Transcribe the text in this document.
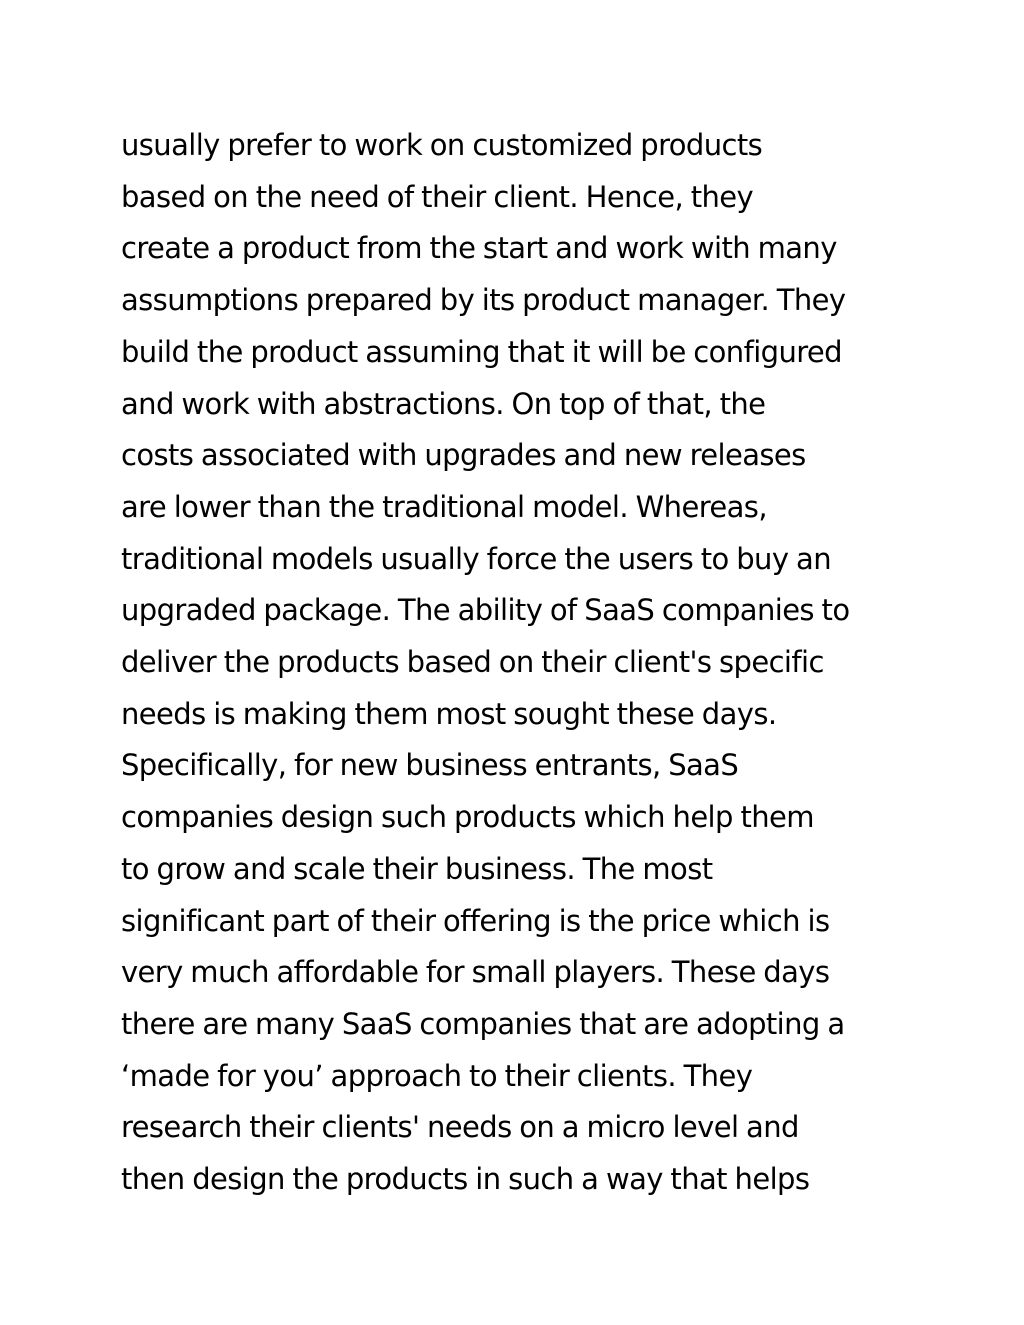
usually prefer to work on customized products
based on the need of their client. Hence, they
create a product from the start and work with many
assumptions prepared by its product manager. They
build the product assuming that it will be configured
and work with abstractions. On top of that, the
costs associated with upgrades and new releases
are lower than the traditional model. Whereas,
traditional models usually force the users to buy an
upgraded package. The ability of SaaS companies to
deliver the products based on their client's specific
needs is making them most sought these days.
Specifically, for new business entrants, SaaS
companies design such products which help them
to grow and scale their business. The most
significant part of their offering is the price which is
very much affordable for small players. These days
there are many SaaS companies that are adopting a
‘made for you’ approach to their clients. They
research their clients' needs on a micro level and
then design the products in such a way that helps
